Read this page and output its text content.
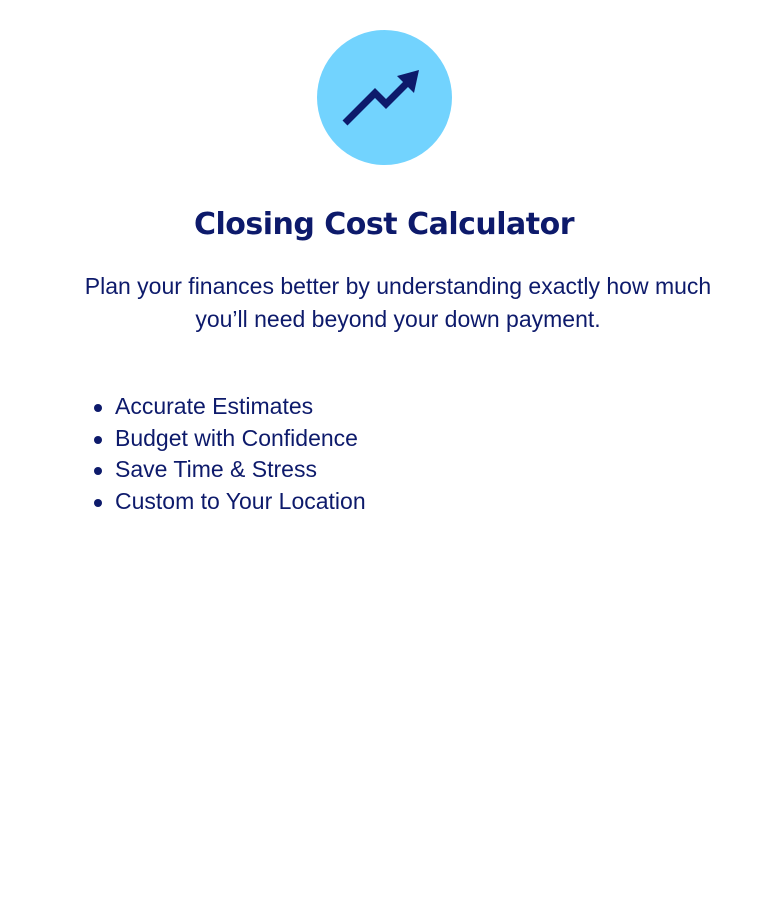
Closing Cost Calculator

Plan your finances better by understanding exactly how much you’ll need beyond your down payment.

Accurate Estimates
Budget with Confidence
Save Time & Stress
Custom to Your Location
